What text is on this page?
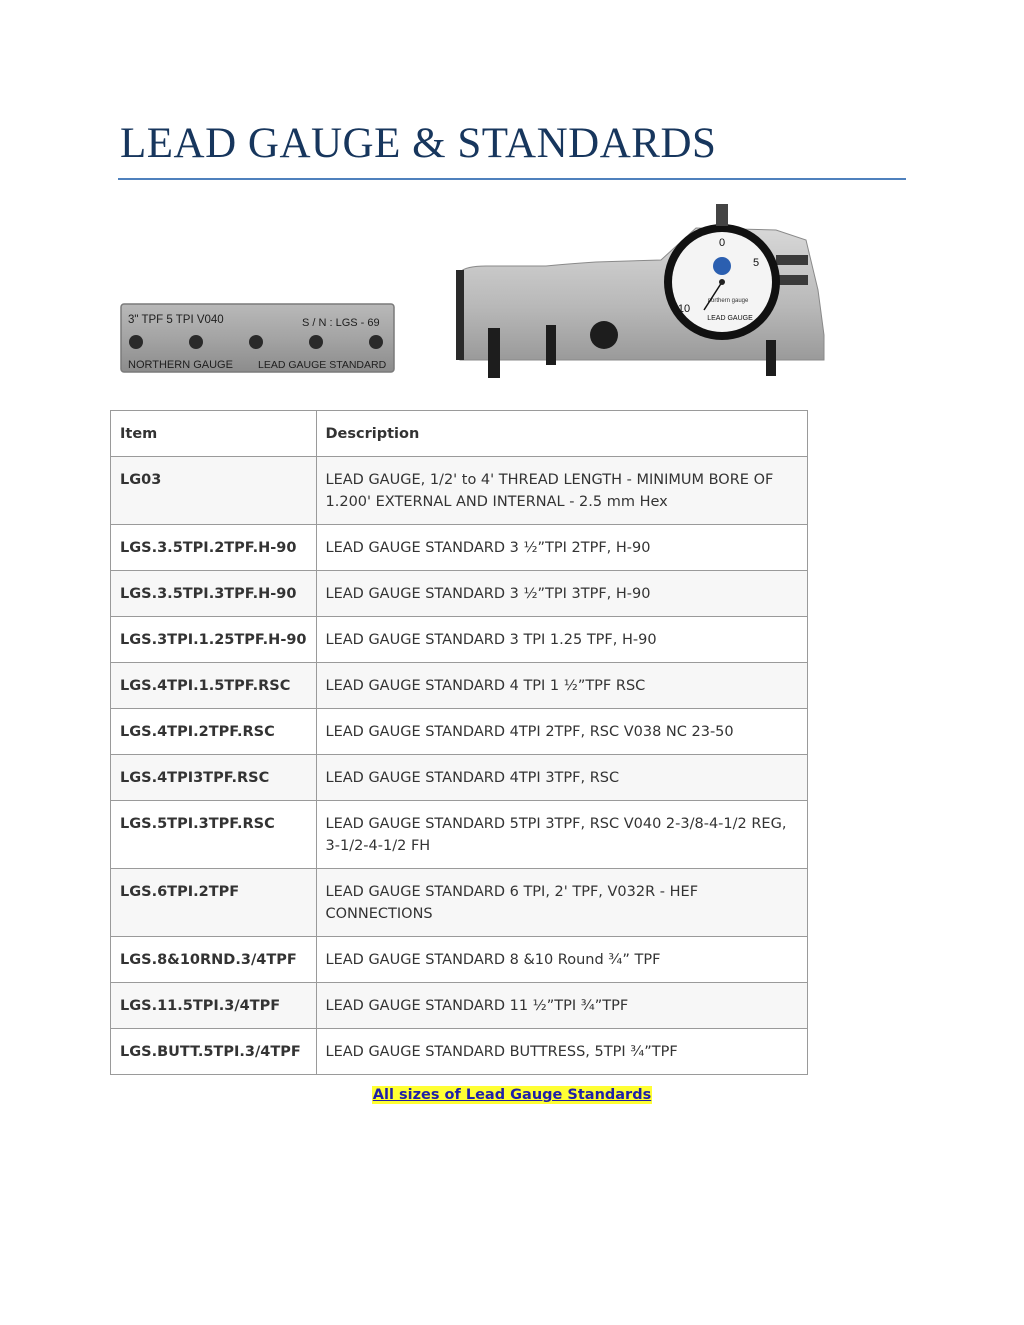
LEAD GAUGE & STANDARDS
3" TPF 5 TPI V040	S / N : LGS - 69
NORTHERN GAUGE LEAD GAUGE STANDARD
0
5
10
northern gauge
LEAD GAUGE
Item	Description
LG03	LEAD GAUGE, 1/2' to 4' THREAD LENGTH - MINIMUM BORE OF 1.200' EXTERNAL AND INTERNAL - 2.5 mm Hex
LGS.3.5TPI.2TPF.H-90	LEAD GAUGE STANDARD 3 ½”TPI 2TPF, H-90
LGS.3.5TPI.3TPF.H-90	LEAD GAUGE STANDARD 3 ½”TPI 3TPF, H-90
LGS.3TPI.1.25TPF.H-90	LEAD GAUGE STANDARD 3 TPI 1.25 TPF, H-90
LGS.4TPI.1.5TPF.RSC	LEAD GAUGE STANDARD 4 TPI 1 ½”TPF RSC
LGS.4TPI.2TPF.RSC	LEAD GAUGE STANDARD 4TPI 2TPF, RSC V038 NC 23-50
LGS.4TPI3TPF.RSC	LEAD GAUGE STANDARD 4TPI 3TPF, RSC
LGS.5TPI.3TPF.RSC	LEAD GAUGE STANDARD 5TPI 3TPF, RSC V040 2-3/8-4-1/2 REG, 3-1/2-4-1/2 FH
LGS.6TPI.2TPF	LEAD GAUGE STANDARD 6 TPI, 2' TPF, V032R - HEF CONNECTIONS
LGS.8&10RND.3/4TPF	LEAD GAUGE STANDARD 8 &10 Round ¾” TPF
LGS.11.5TPI.3/4TPF	LEAD GAUGE STANDARD 11 ½”TPI ¾”TPF
LGS.BUTT.5TPI.3/4TPF	LEAD GAUGE STANDARD BUTTRESS, 5TPI ¾”TPF
All sizes of Lead Gauge Standards
